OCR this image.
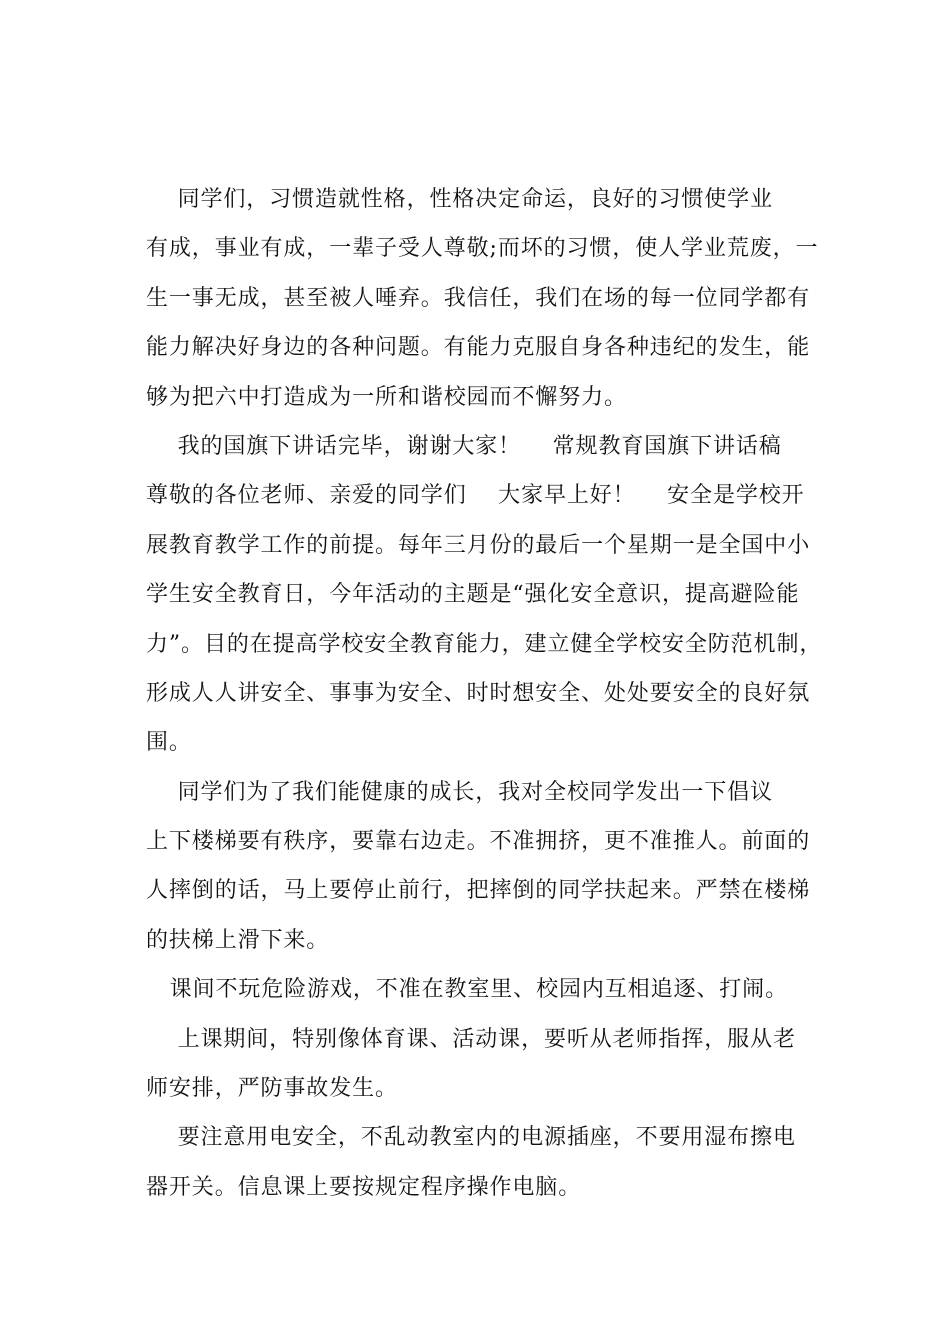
同学们，习惯造就性格，性格决定命运，良好的习惯使学业
有成，事业有成，一辈子受人尊敬;而坏的习惯，使人学业荒废，一
生一事无成，甚至被人唾弃。我信任，我们在场的每一位同学都有
能力解决好身边的各种问题。有能力克服自身各种违纪的发生，能
够为把六中打造成为一所和谐校园而不懈努力。
我的国旗下讲话完毕，谢谢大家！    常规教育国旗下讲话稿
尊敬的各位老师、亲爱的同学们    大家早上好！    安全是学校开
展教育教学工作的前提。每年三月份的最后一个星期一是全国中小
学生安全教育日，今年活动的主题是“强化安全意识，提高避险能
力”。目的在提高学校安全教育能力，建立健全学校安全防范机制，
形成人人讲安全、事事为安全、时时想安全、处处要安全的良好氛
围。
同学们为了我们能健康的成长，我对全校同学发出一下倡议
上下楼梯要有秩序，要靠右边走。不准拥挤，更不准推人。前面的
人摔倒的话，马上要停止前行，把摔倒的同学扶起来。严禁在楼梯
的扶梯上滑下来。
课间不玩危险游戏，不准在教室里、校园内互相追逐、打闹。
上课期间，特别像体育课、活动课，要听从老师指挥，服从老
师安排，严防事故发生。
要注意用电安全，不乱动教室内的电源插座，不要用湿布擦电
器开关。信息课上要按规定程序操作电脑。
